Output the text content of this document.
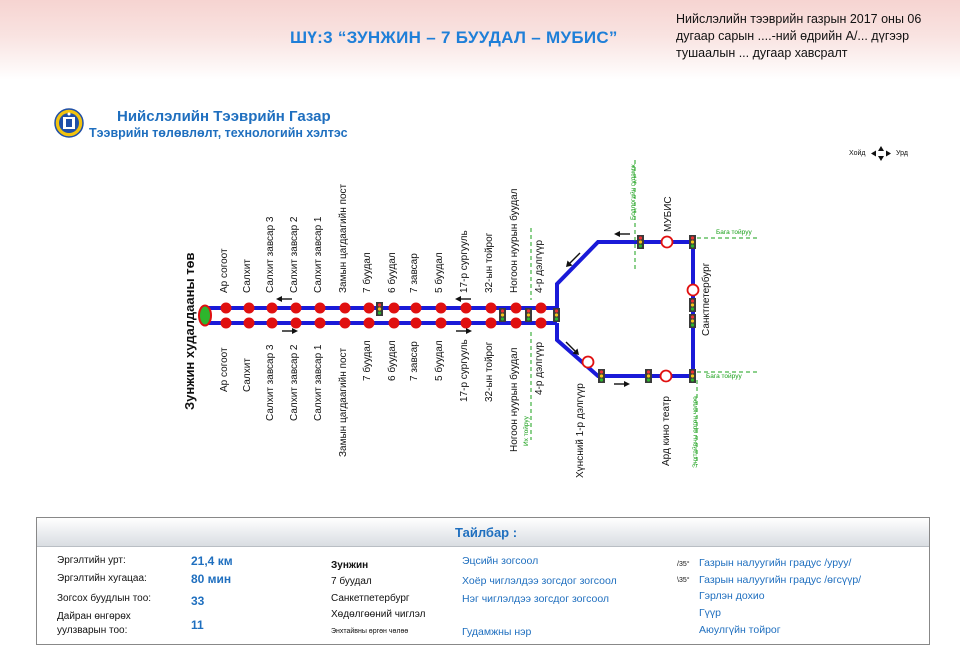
ШҮ:3 “ЗУНЖИН – 7 БУУДАЛ – МУБИС”
Нийслэлийн тээврийн газрын 2017 оны 06
дугаар сарын ....-ний өдрийн А/... дүгээр
тушаалын ... дугаар хавсралт
Нийслэлийн Тээврийн Газар
Тээврийн төлөвлөлт, технологийн хэлтэс
Хойд	Урд
Зунжин худалдааны төв Ар согоот Салхит Салхит завсар 3 Салхит завсар 2 Салхит завсар 1 Замын цагдаагийн пост 7 буудал 6 буудал 7 завсар 5 буудал 17-р сургууль 32-ын тойрог Ногоон нуурын буудал 4-р дэлгүүр
Ар согоот Салхит Салхит завсар 3 Салхит завсар 2 Салхит завсар 1 Замын цагдаагийн пост 7 буудал 6 буудал 7 завсар 5 буудал 17-р сургууль 32-ын тойрог Ногоон нуурын буудал 4-р дэлгүүр
МУБИС
Санктпетербург
Хүнсний 1-р дэлгүүр	Ард кино театр
Бодлогийн гудамж
Бага тойруу
Бага тойруу
Энхтайвны өргөн чөлөө
Их тойруу
Тайлбар :
Эргэлтийн урт:	21,4 км
Эргэлтийн хугацаа:	80 мин
Зогсох буудлын тоо:	33
Дайран өнгөрөх
уулзварын тоо:	11
Зунжин
7 буудал
Санкетпетербург
Хөдөлгөөний чиглэл
Энхтайвны өргөн чөлөө
Эцсийн зогсоол
Хоёр чиглэлдээ зогсдог зогсоол
Нэг чиглэлдээ зогсдог зогсоол
Гудамжны нэр
/35°
\35°
Газрын налуугийн градус /уруу/
Газрын налуугийн градус /өгсүүр/
Гэрлэн дохио
Гүүр
Аюулгүйн тойрог
